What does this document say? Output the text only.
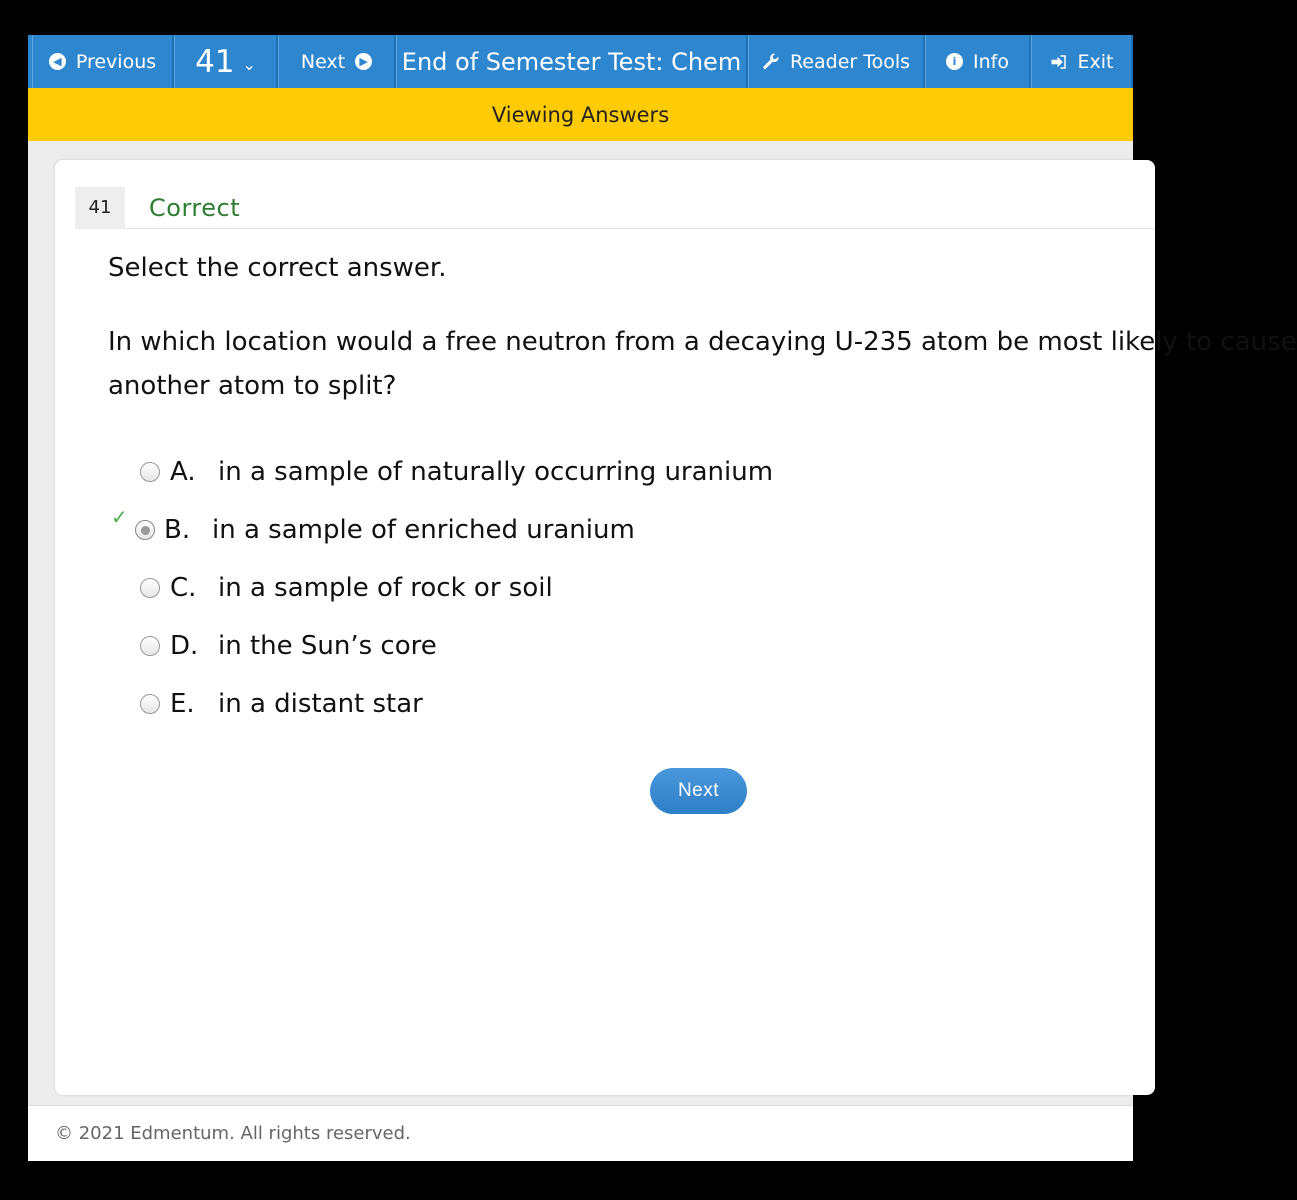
◀ Previous 41 ⌄ Next	▶ End of Semester Test: Chem	Reader Tools	i Info	Exit
Viewing Answers
41	Correct
Select the correct answer.
In which location would a free neutron from a decaying U-235 atom be most likely to cause
another atom to split?
A. in a sample of naturally occurring uranium
✓ B. in a sample of enriched uranium
C. in a sample of rock or soil
D. in the Sun’s core
E. in a distant star
Next
© 2021 Edmentum. All rights reserved.
